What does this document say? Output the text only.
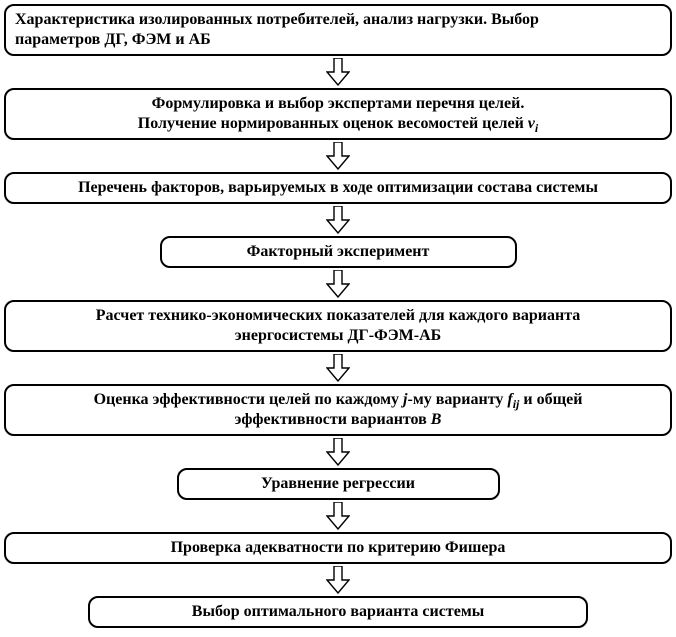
Характеристика изолированных потребителей, анализ нагрузки. Выбор
параметров ДГ, ФЭМ и АБ
Формулировка и выбор экспертами перечня целей.
Получение нормированных оценок весомостей целей $v_i$
Перечень факторов, варьируемых в ходе оптимизации состава системы
Факторный эксперимент
Расчет технико-экономических показателей для каждого варианта
энергосистемы ДГ-ФЭМ-АБ
Оценка эффективности целей по каждому j-му варианту $f_{ij}$ и общей
эффективности вариантов B
Уравнение регрессии
Проверка адекватности по критерию Фишера
Выбор оптимального варианта системы
